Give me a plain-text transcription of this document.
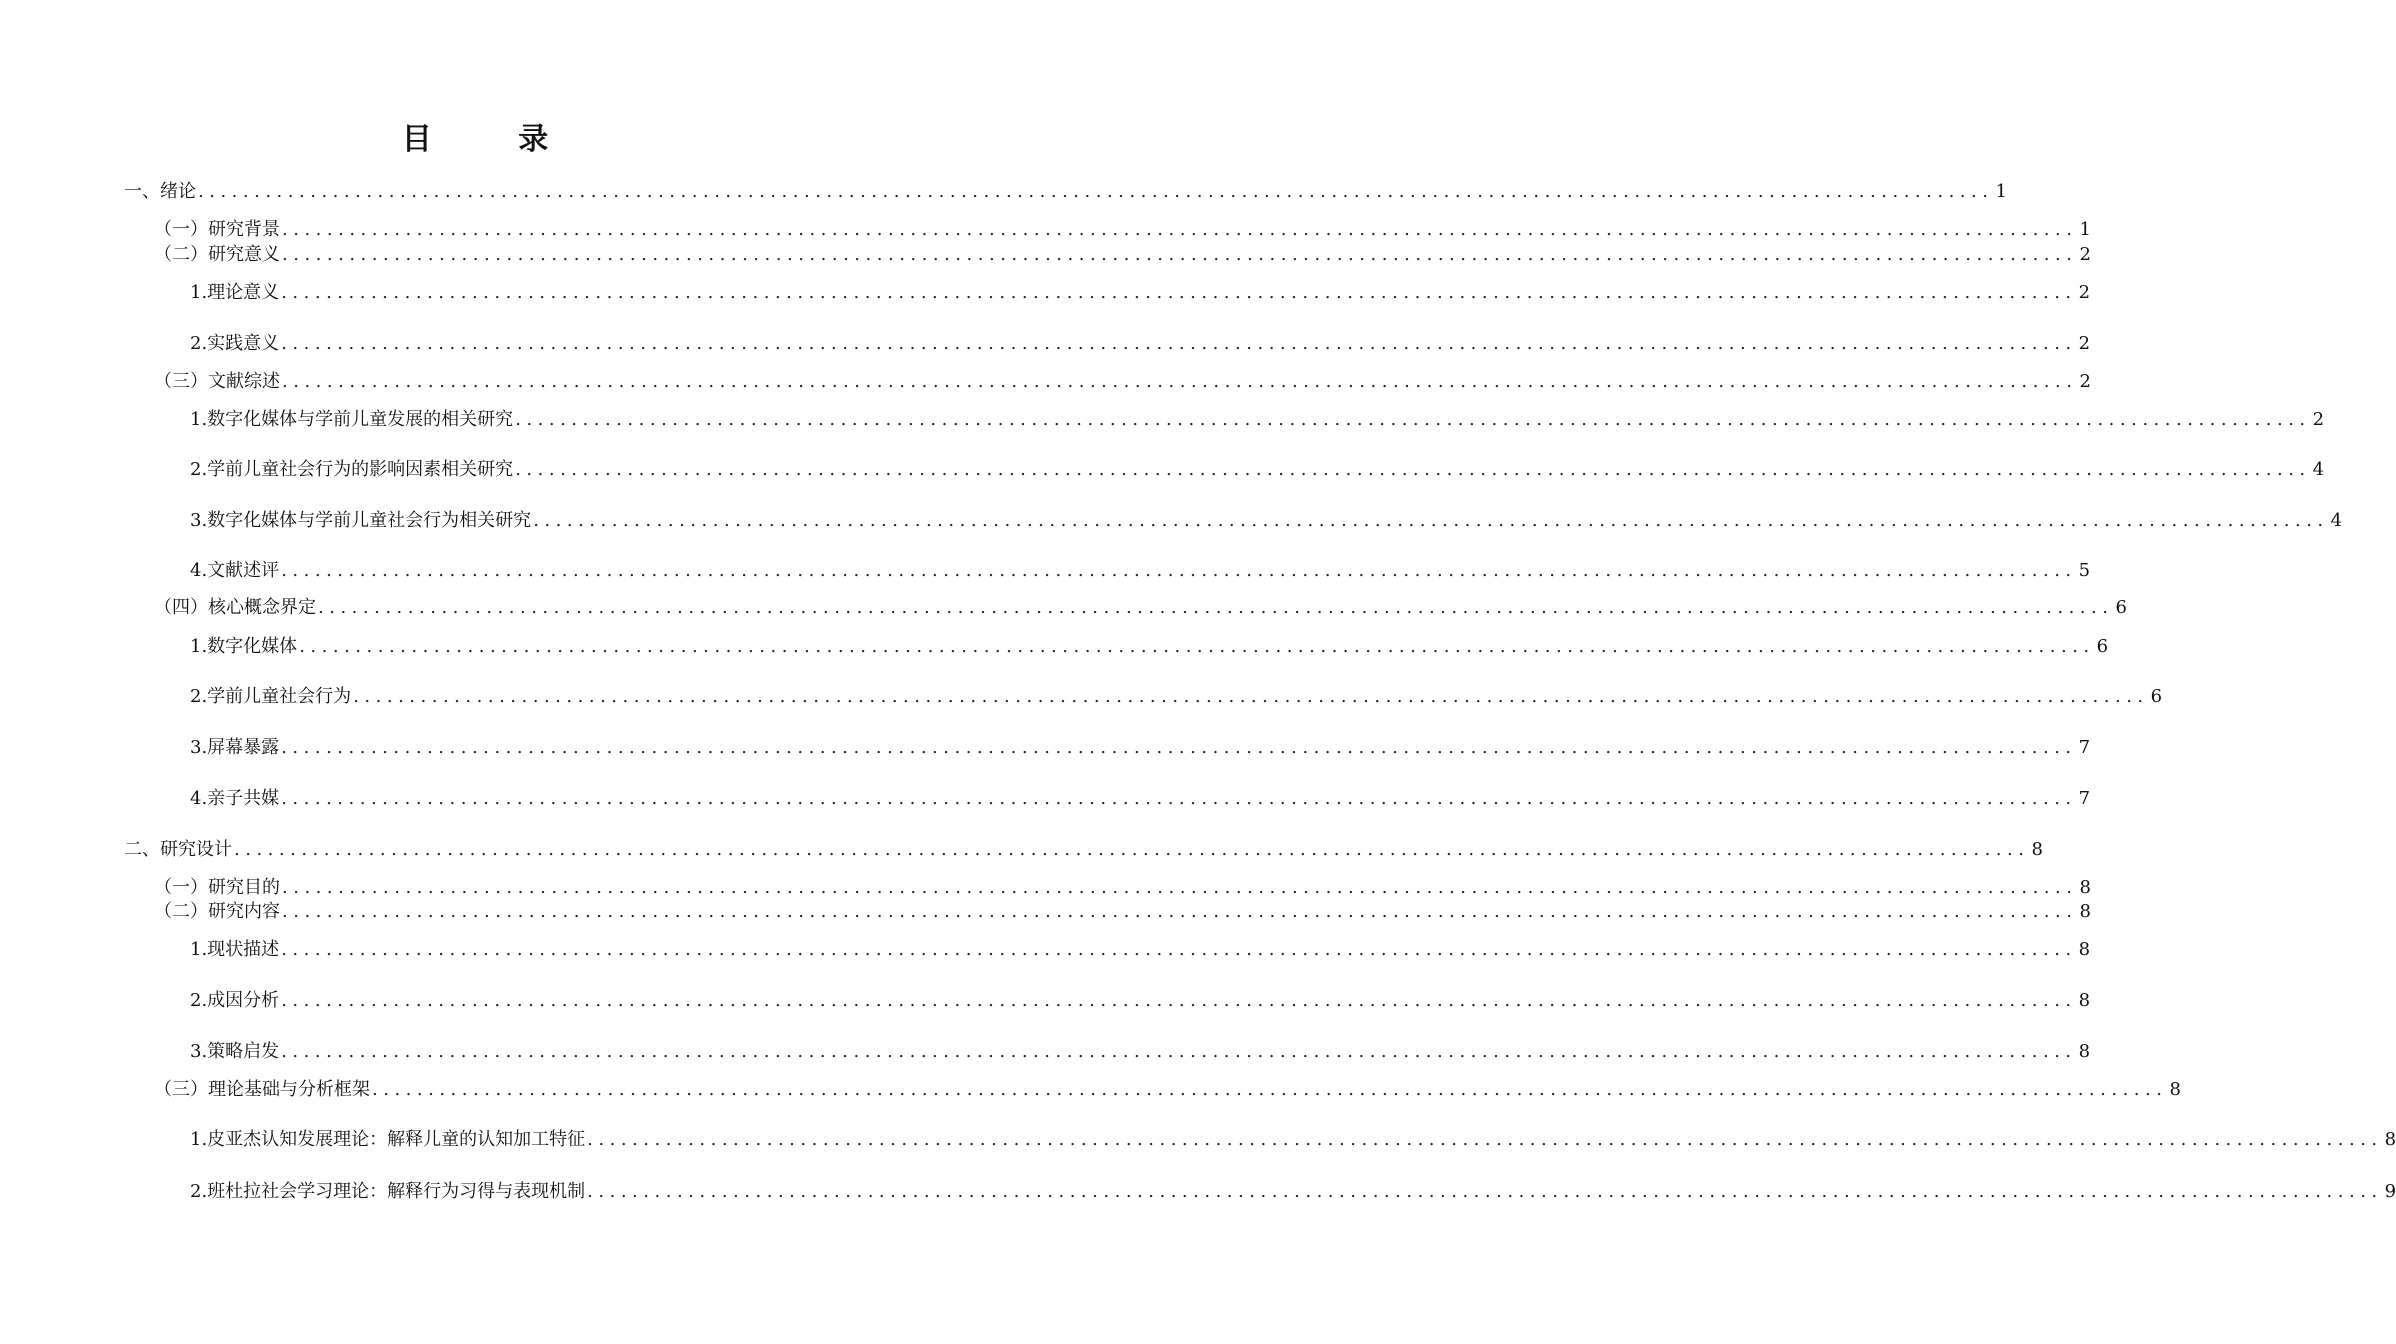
目 录
一、绪论 ................................................................................................................................................................ 1
（一）研究背景 ................................................................................................................................................................ 1
（二）研究意义 ................................................................................................................................................................ 2
1.理论意义 ................................................................................................................................................................ 2
2.实践意义 ................................................................................................................................................................ 2
（三）文献综述 ................................................................................................................................................................ 2
1.数字化媒体与学前儿童发展的相关研究 ................................................................................................................................................................ 2
2.学前儿童社会行为的影响因素相关研究 ................................................................................................................................................................ 4
3.数字化媒体与学前儿童社会行为相关研究 ................................................................................................................................................................ 4
4.文献述评 ................................................................................................................................................................ 5
（四）核心概念界定 ................................................................................................................................................................ 6
1.数字化媒体 ................................................................................................................................................................ 6
2.学前儿童社会行为 ................................................................................................................................................................ 6
3.屏幕暴露 ................................................................................................................................................................ 7
4.亲子共媒 ................................................................................................................................................................ 7
二、研究设计 ................................................................................................................................................................ 8
（一）研究目的 ................................................................................................................................................................ 8
（二）研究内容 ................................................................................................................................................................ 8
1.现状描述 ................................................................................................................................................................ 8
2.成因分析 ................................................................................................................................................................ 8
3.策略启发 ................................................................................................................................................................ 8
（三）理论基础与分析框架 ................................................................................................................................................................ 8
1.皮亚杰认知发展理论：解释儿童的认知加工特征 ................................................................................................................................................................ 8
2.班杜拉社会学习理论：解释行为习得与表现机制 ................................................................................................................................................................ 9
